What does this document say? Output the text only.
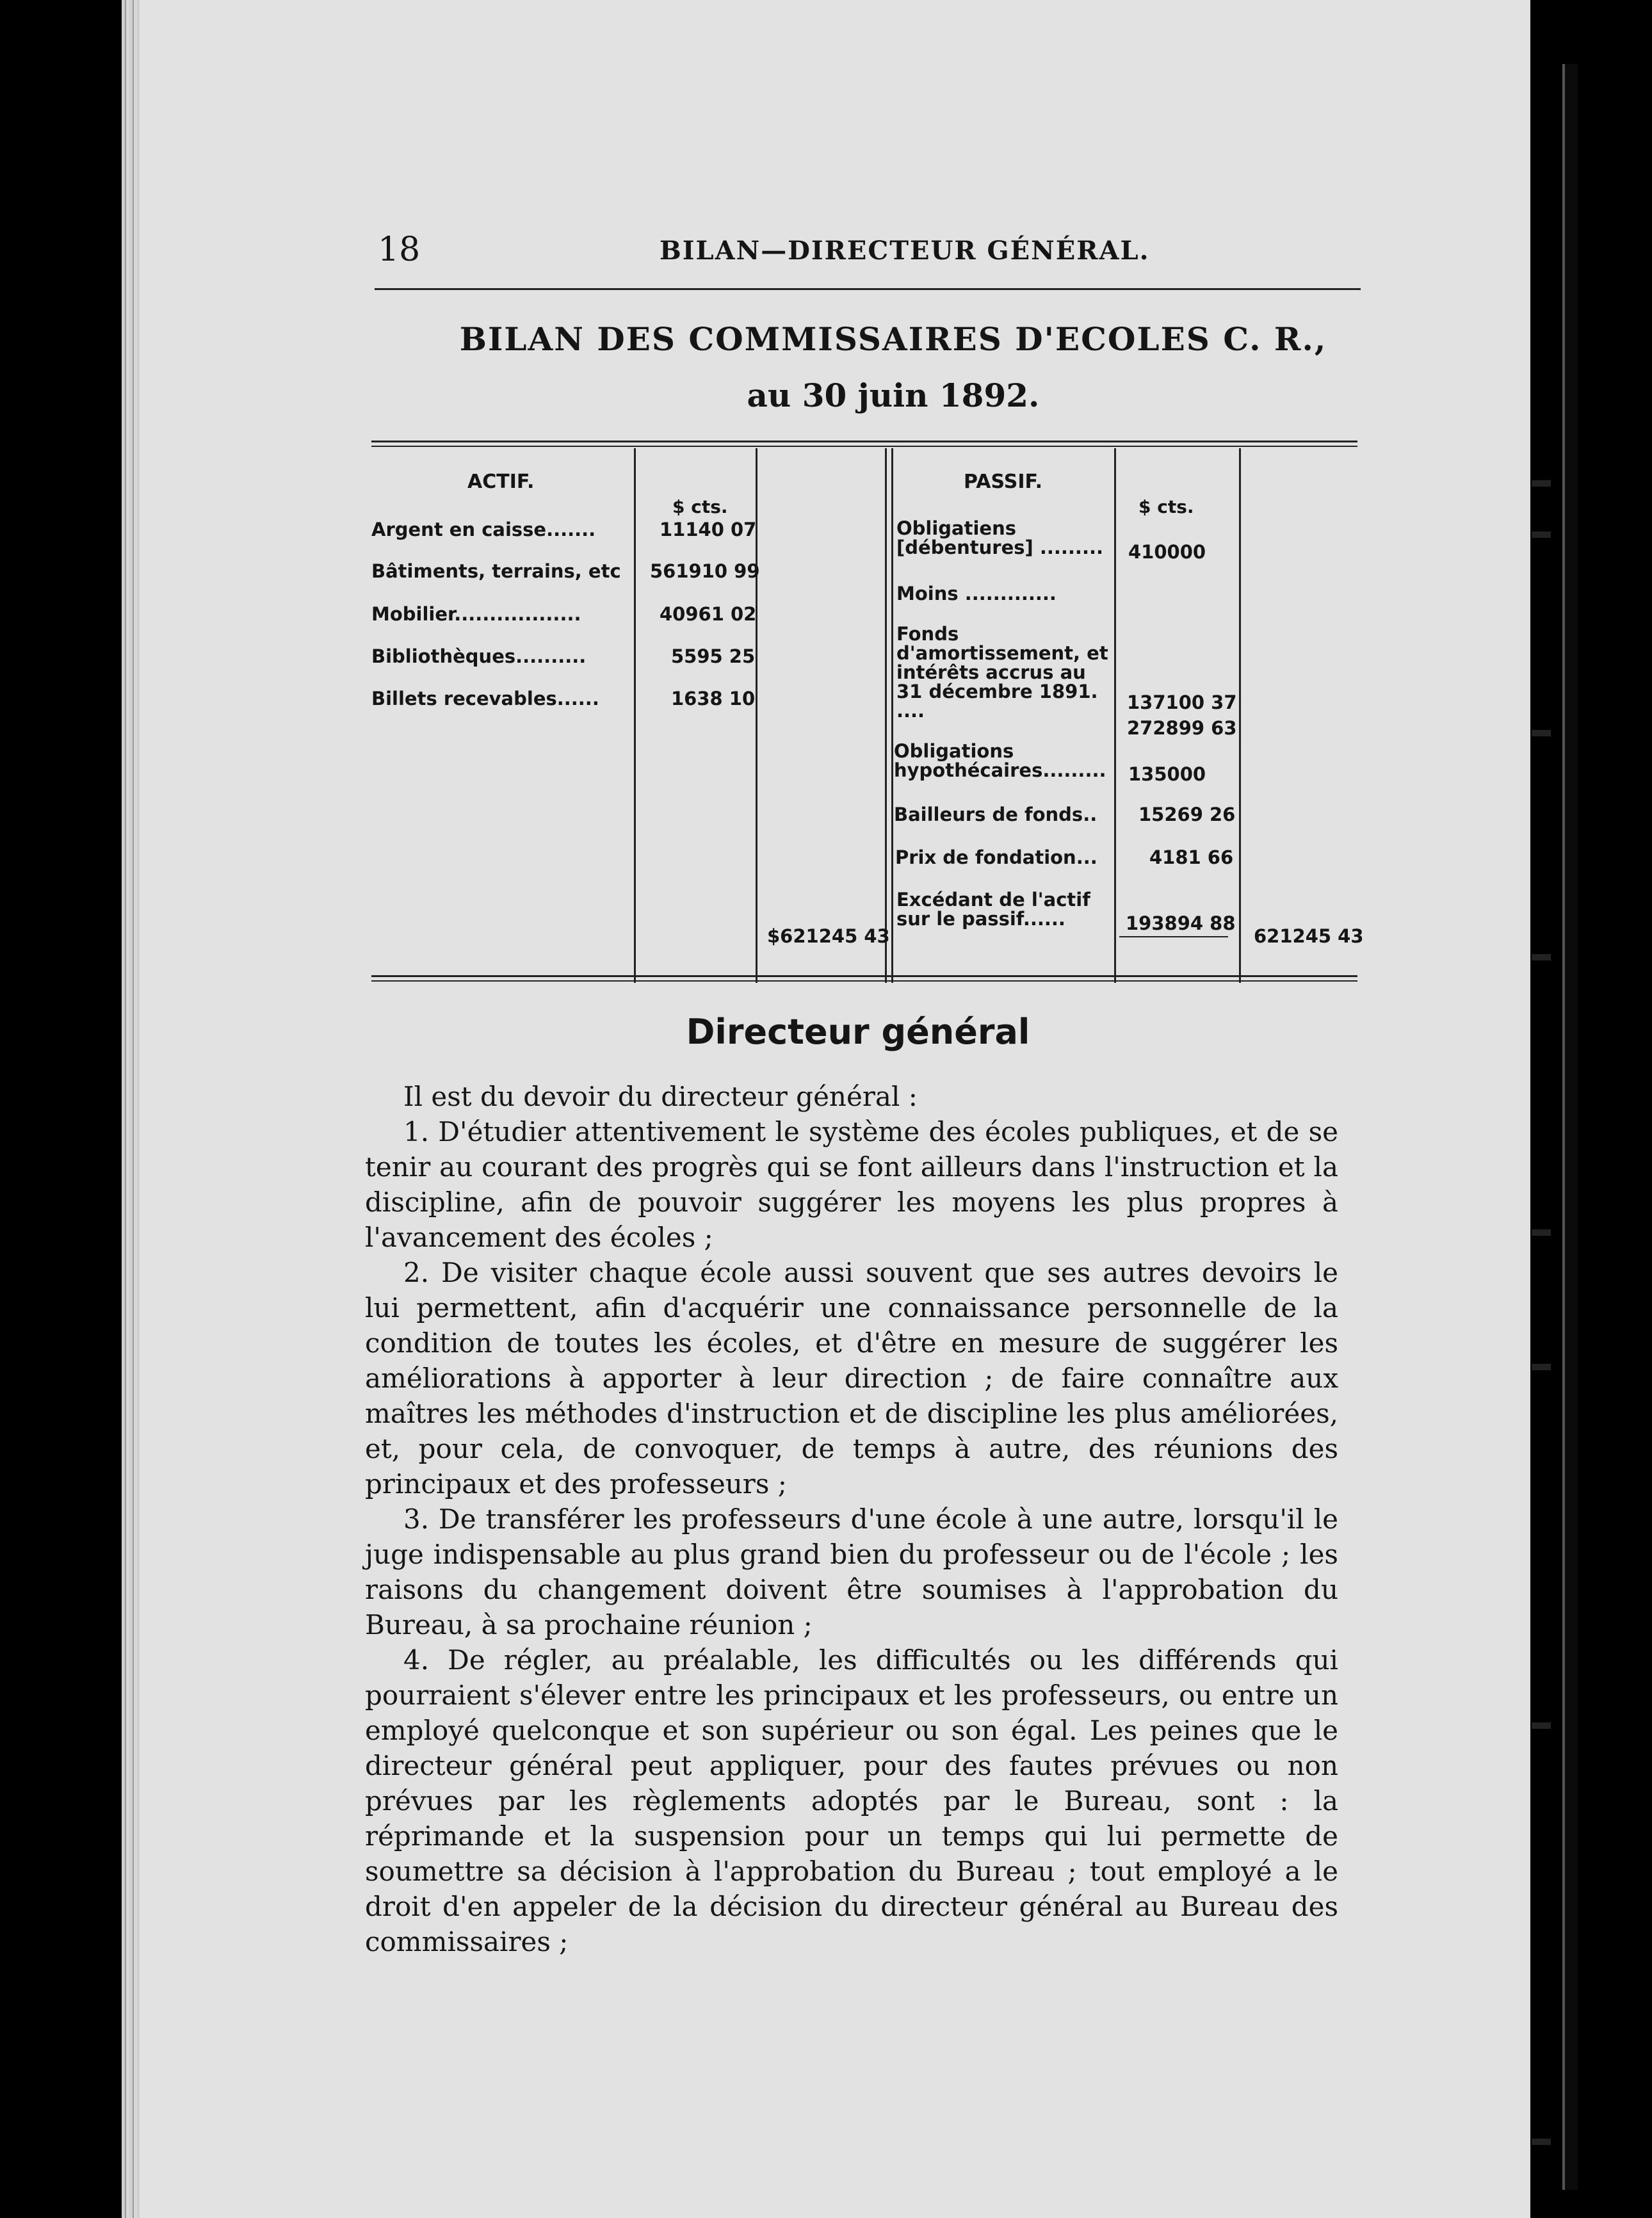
18	BILAN—DIRECTEUR GÉNÉRAL.
BILAN DES COMMISSAIRES D'ECOLES C. R.,
au 30 juin 1892.
ACTIF.
$ cts.
Argent en caisse.......	11140 07
Bâtiments, terrains, etc 561910 99
Mobilier..................	40961 02
Bibliothèques..........	5595 25
Billets recevables......	1638 10
$621245 43
PASSIF.
$ cts.
Obligatiens [débentures] .........	410000
Moins .............
Fonds d'amortissement, et intérêts accrus au 31 décembre 1891. ....	137100 37
272899 63
Obligations hypothécaires......... 135000
Bailleurs de fonds.. 15269 26
Prix de fondation...	4181 66
Excédant de l'actif sur le passif......	193894 88
621245 43
Directeur général

Il est du devoir du directeur général :

1. D'étudier attentivement le système des écoles publiques, et de se tenir au courant des progrès qui se font ailleurs dans l'instruction et la discipline, afin de pouvoir suggérer les moyens les plus propres à l'avancement des écoles ;

2. De visiter chaque école aussi souvent que ses autres devoirs le lui permettent, afin d'acquérir une connaissance personnelle de la condition de toutes les écoles, et d'être en mesure de suggérer les améliorations à apporter à leur direction ; de faire connaître aux maîtres les méthodes d'instruction et de discipline les plus améliorées, et, pour cela, de convoquer, de temps à autre, des réunions des principaux et des professeurs ;

3. De transférer les professeurs d'une école à une autre, lorsqu'il le juge indispensable au plus grand bien du professeur ou de l'école ; les raisons du changement doivent être soumises à l'approbation du Bureau, à sa prochaine réunion ;

4. De régler, au préalable, les difficultés ou les différends qui pourraient s'élever entre les principaux et les professeurs, ou entre un employé quelconque et son supérieur ou son égal. Les peines que le directeur général peut appliquer, pour des fautes prévues ou non prévues par les règlements adoptés par le Bureau, sont : la réprimande et la suspension pour un temps qui lui permette de soumettre sa décision à l'approbation du Bureau ; tout employé a le droit d'en appeler de la décision du directeur général au Bureau des commissaires ;
